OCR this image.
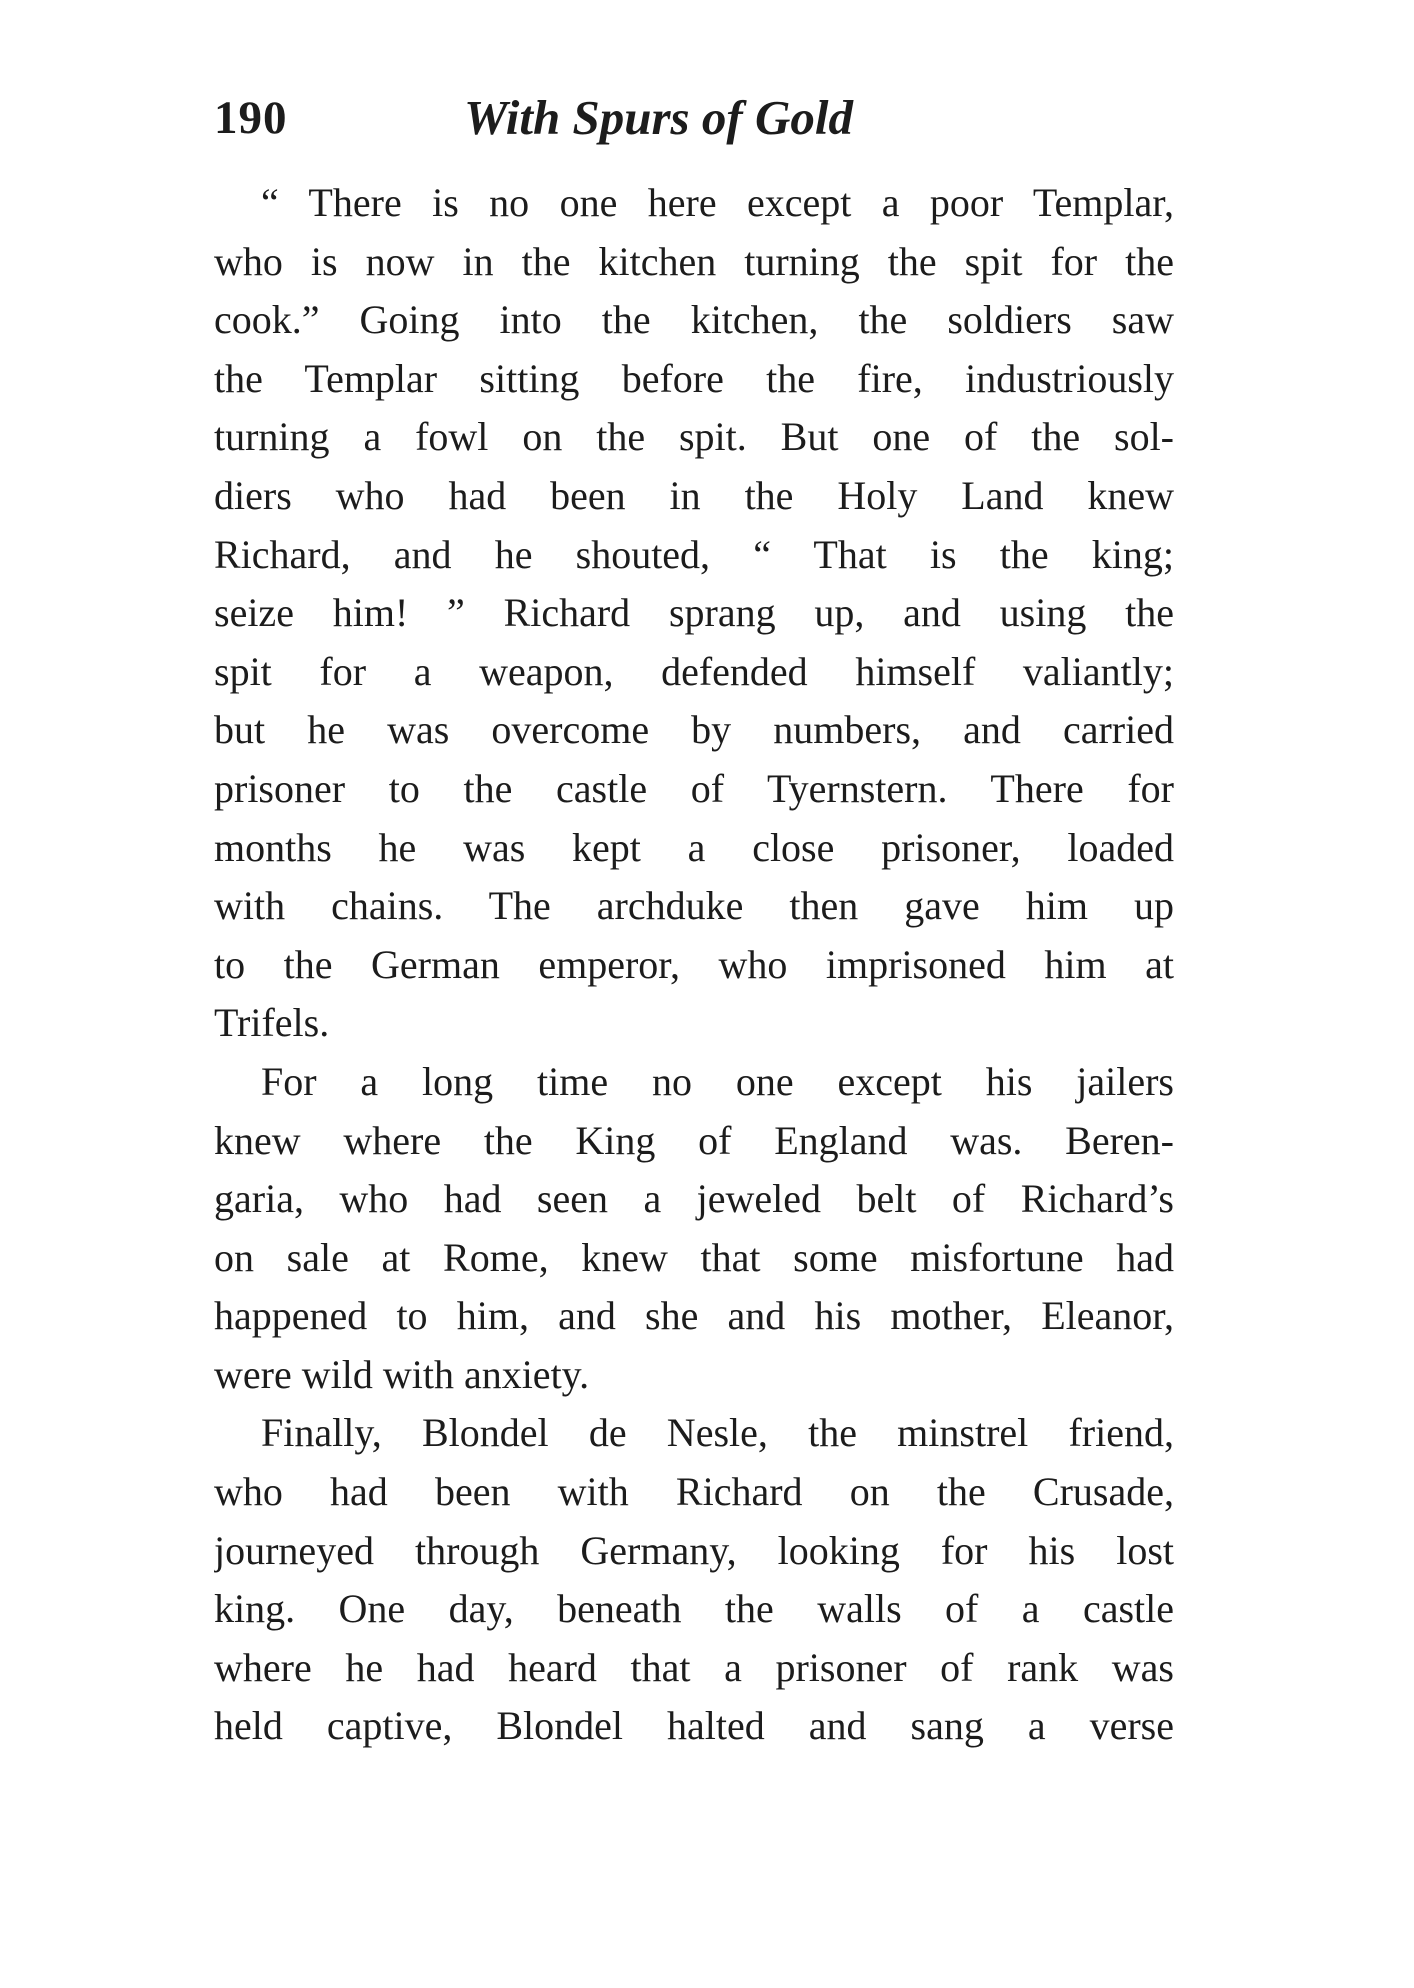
190	With Spurs of Gold
“ There is no one here except a poor Templar,
who is now in the kitchen turning the spit for the
cook.” Going into the kitchen, the soldiers saw
the Templar sitting before the fire, industriously
turning a fowl on the spit. But one of the sol-
diers who had been in the Holy Land knew
Richard, and he shouted, “ That is the king;
seize him! ” Richard sprang up, and using the
spit for a weapon, defended himself valiantly;
but he was overcome by numbers, and carried
prisoner to the castle of Tyernstern. There for
months he was kept a close prisoner, loaded
with chains. The archduke then gave him up
to the German emperor, who imprisoned him at
Trifels.
For a long time no one except his jailers
knew where the King of England was. Beren-
garia, who had seen a jeweled belt of Richard’s
on sale at Rome, knew that some misfortune had
happened to him, and she and his mother, Eleanor,
were wild with anxiety.
Finally, Blondel de Nesle, the minstrel friend,
who had been with Richard on the Crusade,
journeyed through Germany, looking for his lost
king. One day, beneath the walls of a castle
where he had heard that a prisoner of rank was
held captive, Blondel halted and sang a verse
